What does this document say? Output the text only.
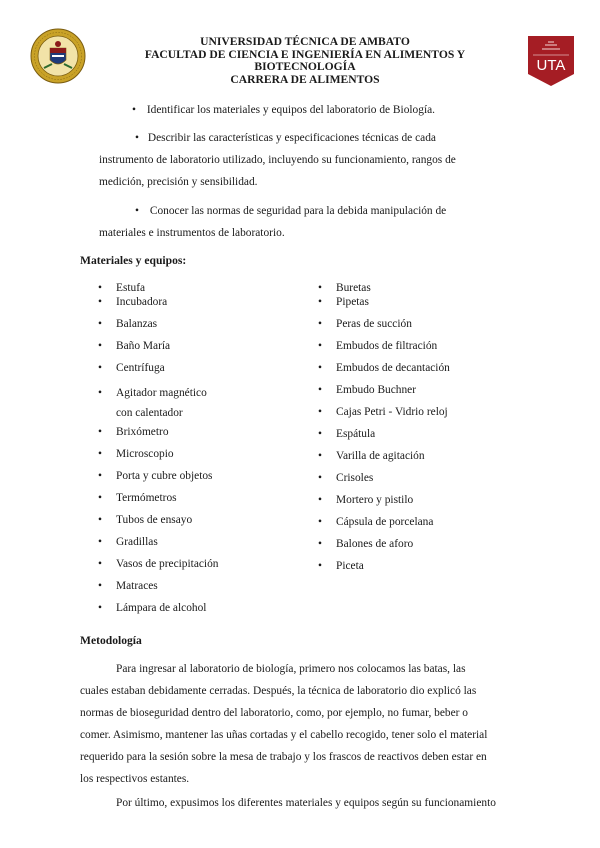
UTA
UNIVERSIDAD TÉCNICA DE AMBATO
FACULTAD DE CIENCIA E INGENIERÍA EN ALIMENTOS Y
BIOTECNOLOGÍA
CARRERA DE ALIMENTOS
• Identificar los materiales y equipos del laboratorio de Biología.
• Describir las características y especificaciones técnicas de cada
instrumento de laboratorio utilizado, incluyendo su funcionamiento, rangos de
medición, precisión y sensibilidad.
• Conocer las normas de seguridad para la debida manipulación de
materiales e instrumentos de laboratorio.
Materiales y equipos:
• Estufa
• Incubadora
• Balanzas
• Baño María
• Centrífuga
• Agitador magnético
con calentador
• Brixómetro
• Microscopio
• Porta y cubre objetos
• Termómetros
• Tubos de ensayo
• Gradillas
• Vasos de precipitación
• Matraces
• Lámpara de alcohol
• Buretas
• Pipetas
• Peras de succión
• Embudos de filtración
• Embudos de decantación
• Embudo Buchner
• Cajas Petri - Vidrio reloj
• Espátula
• Varilla de agitación
• Crisoles
• Mortero y pistilo
• Cápsula de porcelana
• Balones de aforo
• Piceta
Metodología
Para ingresar al laboratorio de biología, primero nos colocamos las batas, las
cuales estaban debidamente cerradas. Después, la técnica de laboratorio dio explicó las
normas de bioseguridad dentro del laboratorio, como, por ejemplo, no fumar, beber o
comer. Asimismo, mantener las uñas cortadas y el cabello recogido, tener solo el material
requerido para la sesión sobre la mesa de trabajo y los frascos de reactivos deben estar en
los respectivos estantes.
Por último, expusimos los diferentes materiales y equipos según su funcionamiento
